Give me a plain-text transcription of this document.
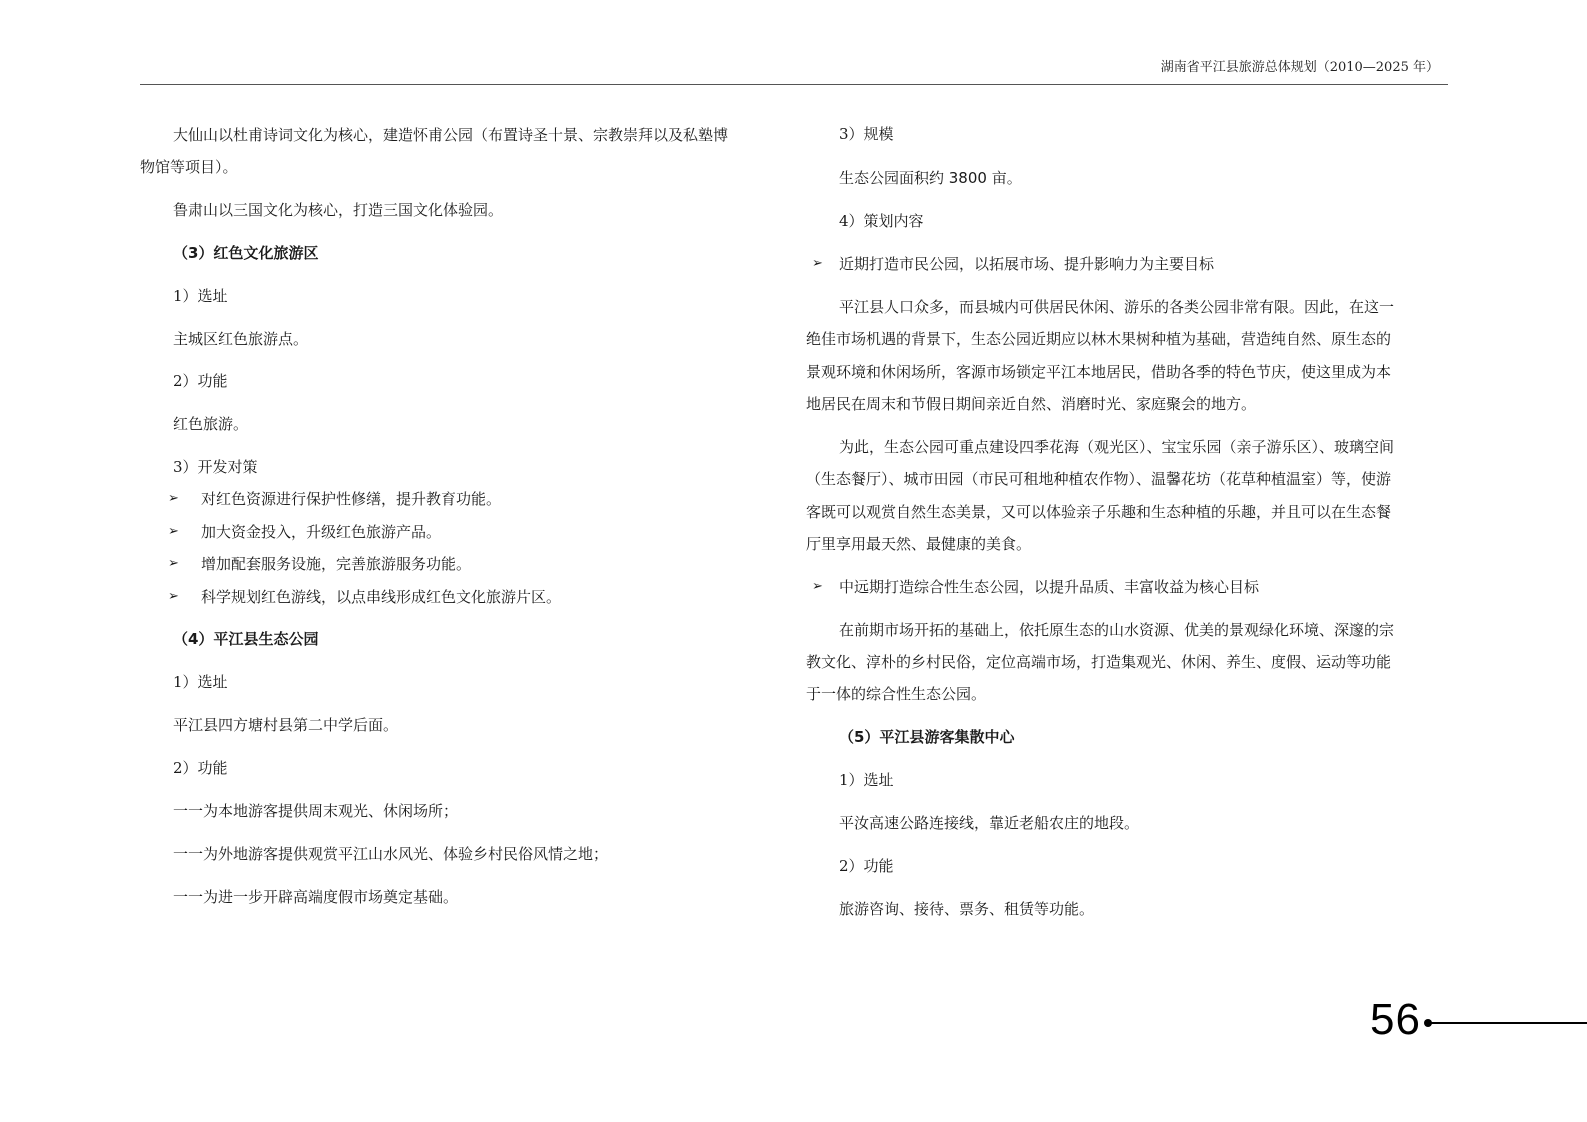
湖南省平江县旅游总体规划（2010—2025 年）
大仙山以杜甫诗词文化为核心，建造怀甫公园（布置诗圣十景、宗教崇拜以及私塾博
物馆等项目）。
鲁肃山以三国文化为核心，打造三国文化体验园。
（3）红色文化旅游区
1）选址
主城区红色旅游点。
2）功能
红色旅游。
3）开发对策
➢ 对红色资源进行保护性修缮，提升教育功能。
➢ 加大资金投入，升级红色旅游产品。
➢ 增加配套服务设施，完善旅游服务功能。
➢ 科学规划红色游线，以点串线形成红色文化旅游片区。
（4）平江县生态公园
1）选址
平江县四方塘村县第二中学后面。
2）功能
一一为本地游客提供周末观光、休闲场所；
一一为外地游客提供观赏平江山水风光、体验乡村民俗风情之地；
一一为进一步开辟高端度假市场奠定基础。
3）规模
生态公园面积约 3800 亩。
4）策划内容
➢ 近期打造市民公园，以拓展市场、提升影响力为主要目标
平江县人口众多，而县城内可供居民休闲、游乐的各类公园非常有限。因此，在这一
绝佳市场机遇的背景下，生态公园近期应以林木果树种植为基础，营造纯自然、原生态的
景观环境和休闲场所，客源市场锁定平江本地居民，借助各季的特色节庆，使这里成为本
地居民在周末和节假日期间亲近自然、消磨时光、家庭聚会的地方。
为此，生态公园可重点建设四季花海（观光区）、宝宝乐园（亲子游乐区）、玻璃空间
（生态餐厅）、城市田园（市民可租地种植农作物）、温馨花坊（花草种植温室）等，使游
客既可以观赏自然生态美景，又可以体验亲子乐趣和生态种植的乐趣，并且可以在生态餐
厅里享用最天然、最健康的美食。
➢ 中远期打造综合性生态公园，以提升品质、丰富收益为核心目标
在前期市场开拓的基础上，依托原生态的山水资源、优美的景观绿化环境、深邃的宗
教文化、淳朴的乡村民俗，定位高端市场，打造集观光、休闲、养生、度假、运动等功能
于一体的综合性生态公园。
（5）平江县游客集散中心
1）选址
平汝高速公路连接线，靠近老船农庄的地段。
2）功能
旅游咨询、接待、票务、租赁等功能。
56
